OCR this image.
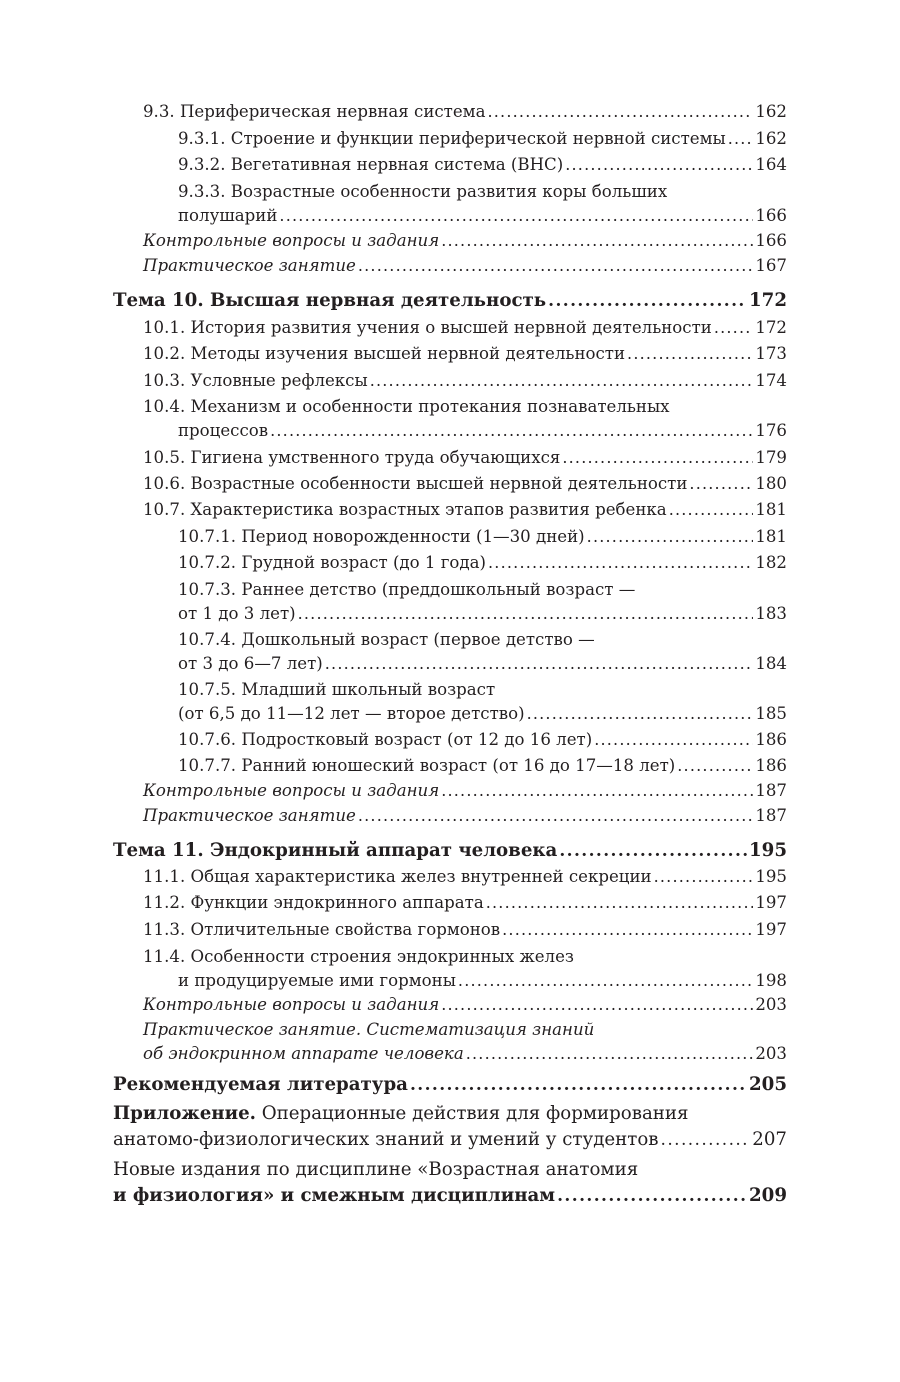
9.3. Периферическая нервная система .....	162
9.3.1. Строение и функции периферической нервной системы ..... 162
9.3.2. Вегетативная нервная система (ВНС) .....	164
9.3.3. Возрастные особенности развития коры больших
полушарий .....	166
Контрольные вопросы и задания .....	166
Практическое занятие .....	167
Тема 10. Высшая нервная деятельность .....	172
10.1. История развития учения о высшей нервной деятельности .....	172
10.2. Методы изучения высшей нервной деятельности .....	173
10.3. Условные рефлексы .....	174
10.4. Механизм и особенности протекания познавательных
процессов .....	176
10.5. Гигиена умственного труда обучающихся .....	179
10.6. Возрастные особенности высшей нервной деятельности .....	180
10.7. Характеристика возрастных этапов развития ребенка .....	181
10.7.1. Период новорожденности (1—30 дней) .....	181
10.7.2. Грудной возраст (до 1 года) .....	182
10.7.3. Раннее детство (преддошкольный возраст —
от 1 до 3 лет) .....	183
10.7.4. Дошкольный возраст (первое детство —
от 3 до 6—7 лет) .....	184
10.7.5. Младший школьный возраст
(от 6,5 до 11—12 лет — второе детство) .....	185
10.7.6. Подростковый возраст (от 12 до 16 лет) .....	186
10.7.7. Ранний юношеский возраст (от 16 до 17—18 лет) .....	186
Контрольные вопросы и задания .....	187
Практическое занятие .....	187
Тема 11. Эндокринный аппарат человека .....	195
11.1. Общая характеристика желез внутренней секреции .....	195
11.2. Функции эндокринного аппарата .....	197
11.3. Отличительные свойства гормонов .....	197
11.4. Особенности строения эндокринных желез
и продуцируемые ими гормоны .....	198
Контрольные вопросы и задания .....	203
Практическое занятие. Систематизация знаний
об эндокринном аппарате человека .....	203
Рекомендуемая литература .....	205
Приложение. Операционные действия для формирования
анатомо-физиологических знаний и умений у студентов .....	207
Новые издания по дисциплине «Возрастная анатомия
и физиология» и смежным дисциплинам .....	209
